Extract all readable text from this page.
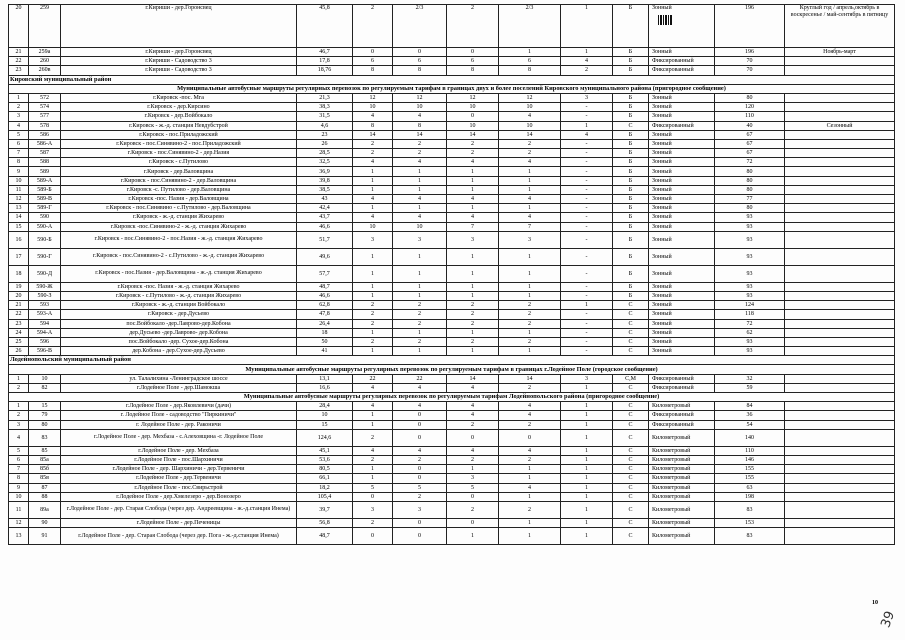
20	259	г.Кириши - дер.Горонсвец	45,8	2	2/3	2	2/3	1	Б	Зонный	196	Круглый год / апрель,октябрь в воскресенье / май-сентябрь в пятницу
21	259а	г.Кириши - дер.Горонсвец	46,7	0	0	0	1	1	Б	Зонный	196	Ноябрь-март
22	260	г.Кириши - Садоводство 3	17,8	6	6	6	6	4	Б	Фиксированный	70	
23	260в	г.Кириши - Садоводство 3	18,76	8	8	8	8	2	Б	Фиксированный	70	
Кировский муниципальный район												
Муниципальные автобусные маршруты регулярных перевозок по регулируемым тарифам в границах двух и более поселений Кировского муниципального района (пригородное сообщение)												
1	572	г.Кировск -пос. Мга	21,3	12	12	12	12	3	Б	Зонный	80	
2	574	г.Кировск - дер.Кирсино	38,3	10	10	10	10	-	Б	Зонный	120	
3	577	г.Кировск - дер.Войбокало	31,5	4	4	0	4	-	Б	Зонный	110	
4	578	г.Кировск - ж.-д. станция Невдубстрой	4,6	8	8	10	10	1	С	Фиксированный	40	Сезонный
5	586	г.Кировск - пос.Приладожский	23	14	14	14	14	4	Б	Зонный	67	
6	586-А	г.Кировск - пос.Синявино-2 - пос.Приладожский	26	2	2	2	2	-	Б	Зонный	67	
7	587	г.Кировск - пос.Синявино-2 - дер.Назия	28,5	2	2	2	2	-	Б	Зонный	67	
8	588	г.Кировск - с.Путилово	32,5	4	4	4	4	-	Б	Зонный	72	
9	589	г.Кировск - дер.Валовщина	36,9	1	1	1	1	-	Б	Зонный	80	
10	589-А	г.Кировск - пос.Синявино-2 - дер.Валовщина	39,8	1	1	1	1	-	Б	Зонный	80	
11	589-Б	г.Кировск -с. Путилово - дер.Валовщина	38,5	1	1	1	1	-	Б	Зонный	80	
12	589-В	г.Кировск -пос. Назия - дер.Валовщина	43	4	4	4	4	-	Б	Зонный	77	
13	589-Г	г.Кировск - пос.Синявино - с.Путилово - дер.Валовщина	42,4	1	1	1	1	-	Б	Зонный	80	
14	590	г.Кировск - ж.-д. станция Жихарево	43,7	4	4	4	4	-	Б	Зонный	93	
15	590-А	г.Кировск -пос.Синявино-2 - ж.-д. станция Жихарево	46,6	10	10	7	7	-	Б	Зонный	93	
16	590-Б	г.Кировск - пос.Синявино-2 - пос.Назия - ж.-д. станция Жихарево	51,7	3	3	3	3	-	Б	Зонный	93	
17	590-Г	г.Кировск - пос.Синявино-2 - с.Путилово - ж.-д. станция Жихарево	49,6	1	1	1	1	-	Б	Зонный	93	
18	590-Д	г.Кировск - пос.Назия - дер.Валовщина - ж.-д. станция Жихарево	57,7	1	1	1	1	-	Б	Зонный	93	
19	590-Ж	г.Кировск -пос. Назия - ж.-д. станция Жихарево	48,7	1	1	1	1	-	Б	Зонный	93	
20	590-З	г.Кировск - с.Путилово - ж.-д. станция Жихарево	46,6	1	1	1	1	-	Б	Зонный	93	
21	593	г.Кировск - ж.-д. станция Войбокало	62,8	2	2	2	2	1	С	Зонный	124	
22	593-А	г.Кировск - дер.Дусьево	47,8	2	2	2	2	-	С	Зонный	118	
23	594	пос.Войбокало -дер.Лаврово-дер.Кобона	26,4	2	2	2	2	-	С	Зонный	72	
24	594-А	дер.Дусьево -дер.Лаврово- дер.Кобона	18	1	1	1	1	-	С	Зонный	62	
25	596	пос.Войбокало -дер. Сухое-дер.Кобона	50	2	2	2	2	-	С	Зонный	93	
26	596-В	дер.Кобона - дер.Сухое-дер.Дусьево	41	1	1	1	1	-	С	Зонный	93	
Лодейнопольский муниципальный район												
Муниципальные автобусные маршруты регулярных перевозок по регулируемым тарифам в границах г.Лодейное Поле (городское сообщение)												
1	10	ул. Талалихина -Ленинградское шоссе	13,1	22	22	14	14	3	С,М	Фиксированный	32	
2	82	г.Лодейное Поле - дер.Шамокша	16,6	4	4	4	2	1	С	Фиксированный	59	
Муниципальные автобусные маршруты регулярных перевозок по регулируемым тарифам Лодейнопольского района (пригородное сообщение)												
1	15	г.Лодейное Поле - дер.Яковлевичи (дачи)	28,4	4	4	4	4	1	С	Километровый	84	
2	79	г. Лодейное Поле - садоводство "Пиркиничи"	10	1	0	4	4	1	С	Фиксированный	36	
3	80	г. Лодейное Поле - дер. Раконичи	15	1	0	2	2	1	С	Фиксированный	54	
4	83	г.Лодейное Поле - дер. Мехбаза - с.Алеховщина -г. Лодейное Поле	124,6	2	0	0	0	1	С	Километровый	140	
5	85	г.Лодейное Поле - дер. Мехбаза	45,1	4	4	4	4	1	С	Километровый	110	
6	85а	г.Лодейное Поле - пос.Шархиничи	53,6	2	2	2	2	1	С	Километровый	146	
7	85б	г.Лодейное Поле - дер. Шархиничи - дер.Тервеничи	80,5	1	0	1	1	1	С	Километровый	155	
8	85в	г.Лодейное Поле - дер.Тервеничи	66,1	1	0	3	1	1	С	Километровый	155	
9	87	г.Лодейное Поле - пос.Свирьстрой	18,2	5	5	5	4	1	С	Километровый	63	
10	88	г.Лодейное Поле - дер.Хмелезеро - дер.Вонозеро	105,4	0	2	0	1	1	С	Километровый	198	
11	89а	г.Лодейное Поле - дер. Старая Слобода (через дер. Андреевщина - ж.-д.станция Инема)	39,7	3	3	2	2	1	С	Километровый	83	
12	90	г.Лодейное Поле - дер.Печеницы	56,8	2	0	0	1	1	С	Километровый	153	
13	91	г.Лодейное Поле - дер. Старая Слобода (через дер. Пога - ж.-д.станция Инема)	48,7	0	0	1	1	1	С	Километровый	83	
10
39
